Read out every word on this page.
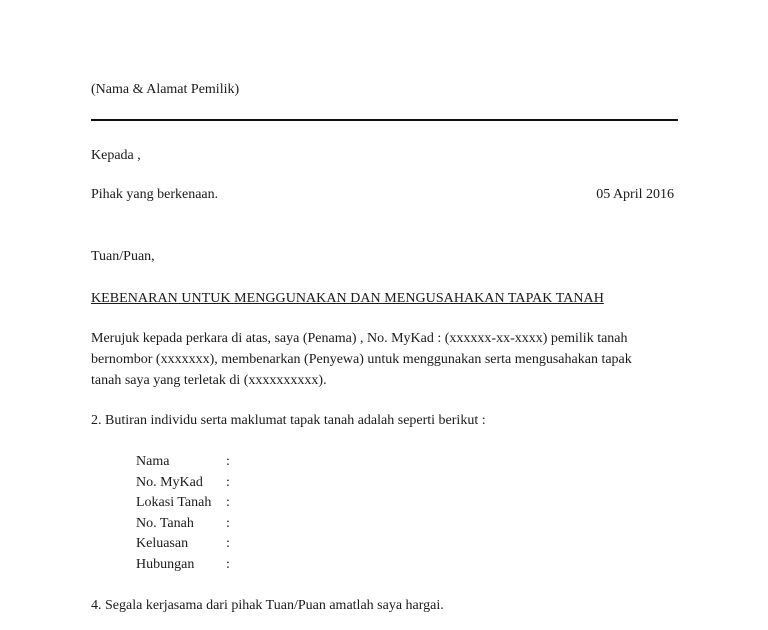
(Nama & Alamat Pemilik)
Kepada ,
Pihak yang berkenaan.	05 April 2016
Tuan/Puan,
KEBENARAN UNTUK MENGGUNAKAN DAN MENGUSAHAKAN TAPAK TANAH
Merujuk kepada perkara di atas, saya (Penama) , No. MyKad : (xxxxxx-xx-xxxx) pemilik tanah
bernombor (xxxxxxx), membenarkan (Penyewa) untuk menggunakan serta mengusahakan tapak
tanah saya yang terletak di (xxxxxxxxxx).
2. Butiran individu serta maklumat tapak tanah adalah seperti berikut :
Nama	:
No. MyKad	:
Lokasi Tanah	:
No. Tanah	:
Keluasan	:
Hubungan	:
4. Segala kerjasama dari pihak Tuan/Puan amatlah saya hargai.
